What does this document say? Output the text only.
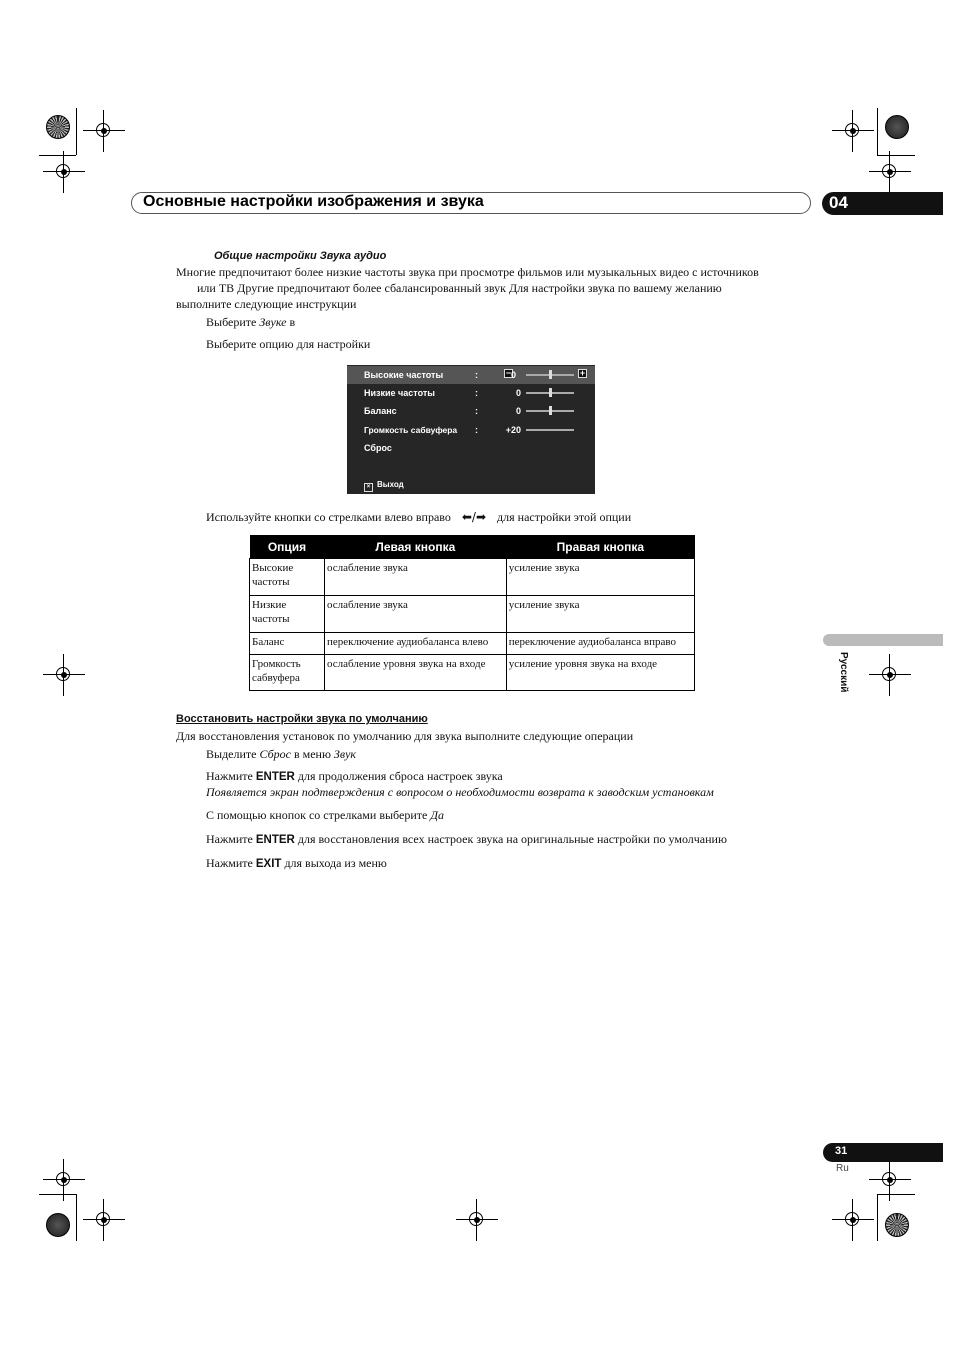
Основные настройки изображения и звука	04
Общие настройки Звука аудио
Многие предпочитают более низкие частоты звука при просмотре фильмов или музыкальных видео с источников
или ТВ Другие предпочитают более сбалансированный звук Для настройки звука по вашему желанию
выполните следующие инструкции
Выберите Звуке в
Выберите опцию для настройки
Высокие частоты	:	− 0	+
Низкие частоты	:	0
Баланс	:	0
Громкость сабвуфера :	+20
Сброс
× Выход
Используйте кнопки со стрелками влево вправо ⬅/➡ для настройки этой опции
Опция	Левая кнопка	Правая кнопка
Высокие частоты	ослабление звука	усиление звука
Низкие частоты	ослабление звука	усиление звука
Баланс	переключение аудиобаланса влево	переключение аудиобаланса вправо
Громкость сабвуфера	ослабление уровня звука на входе	усиление уровня звука на входе	Русский
Восстановить настройки звука по умолчанию
Для восстановления установок по умолчанию для звука выполните следующие операции
Выделите Сброс в меню Звук
Нажмите ENTER для продолжения сброса настроек звука
Появляется экран подтверждения с вопросом о необходимости возврата к заводским установкам
С помощью кнопок со стрелками выберите Да
Нажмите ENTER для восстановления всех настроек звука на оригинальные настройки по умолчанию
Нажмите EXIT для выхода из меню
31
Ru
